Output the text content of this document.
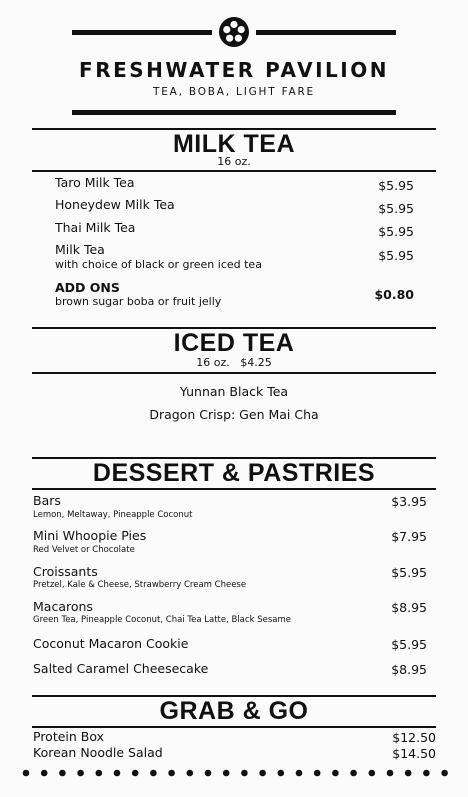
FRESHWATER PAVILION
TEA, BOBA, LIGHT FARE
MILK TEA
16 oz.
Taro Milk Tea	$5.95
Honeydew Milk Tea	$5.95
Thai Milk Tea	$5.95
Milk Tea
with choice of black or green iced tea
$5.95
ADD ONS
brown sugar boba or fruit jelly	$0.80
ICED TEA
16 oz.   $4.25
Yunnan Black Tea
Dragon Crisp: Gen Mai Cha
DESSERT & PASTRIES
Bars
Lemon, Meltaway, Pineapple Coconut
$3.95
Mini Whoopie Pies
Red Velvet or Chocolate
$7.95
Croissants
Pretzel, Kale & Cheese, Strawberry Cream Cheese
$5.95
Macarons
Green Tea, Pineapple Coconut, Chai Tea Latte, Black Sesame
$8.95
Coconut Macaron Cookie	$5.95
Salted Caramel Cheesecake	$8.95
GRAB & GO
Protein Box	$12.50
Korean Noodle Salad	$14.50
